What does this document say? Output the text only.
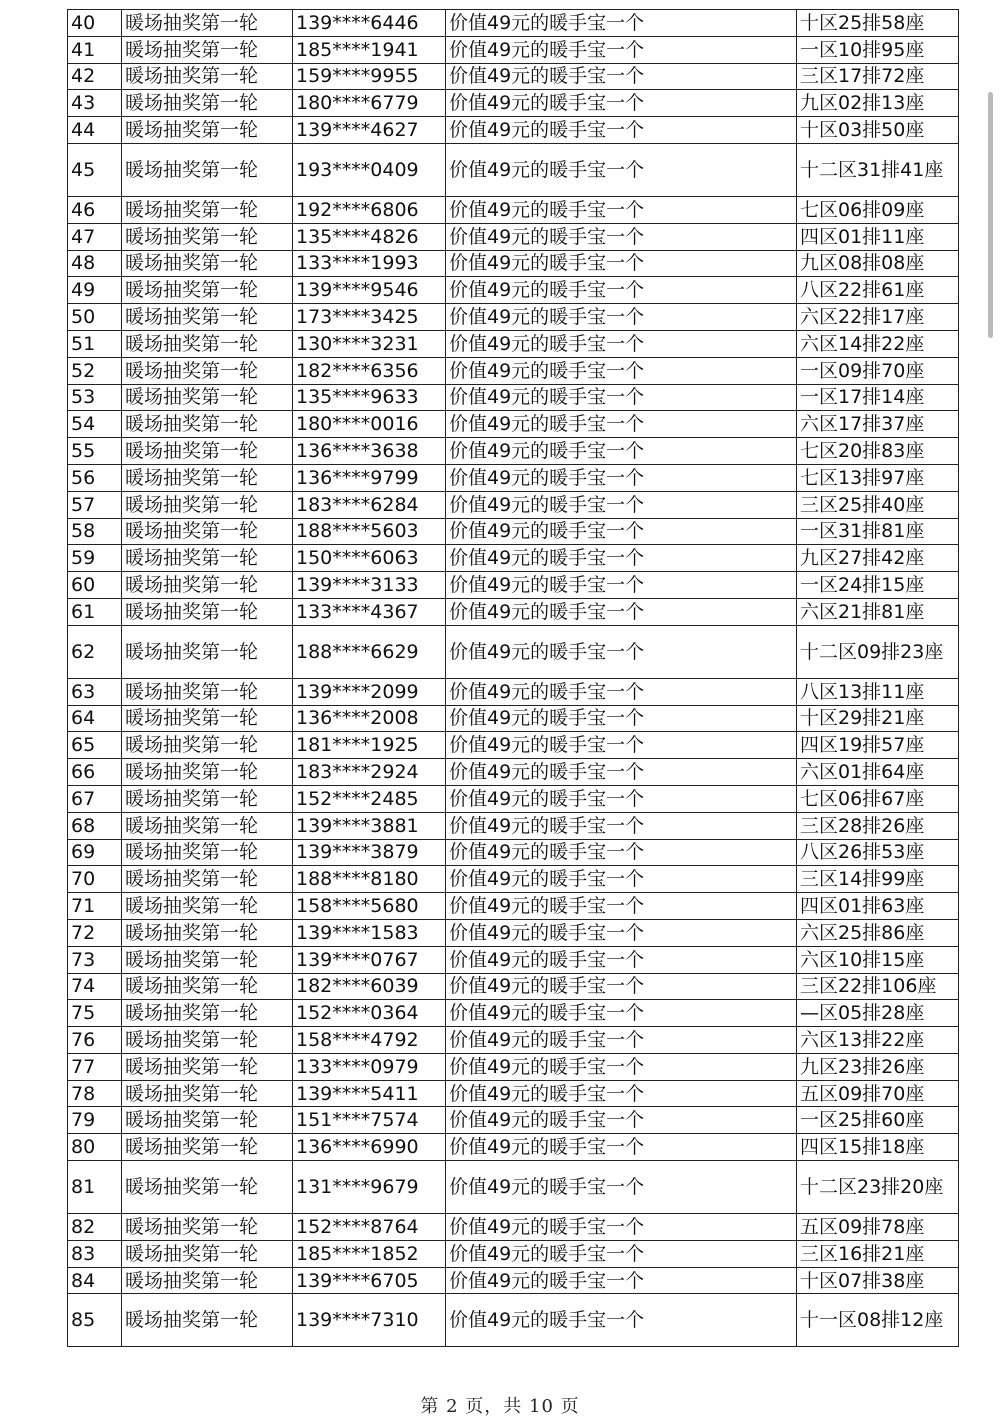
40	暖场抽奖第一轮	139****6446	价值49元的暖手宝一个	十区25排58座
41	暖场抽奖第一轮	185****1941	价值49元的暖手宝一个	一区10排95座
42	暖场抽奖第一轮	159****9955	价值49元的暖手宝一个	三区17排72座
43	暖场抽奖第一轮	180****6779	价值49元的暖手宝一个	九区02排13座
44	暖场抽奖第一轮	139****4627	价值49元的暖手宝一个	十区03排50座
45	暖场抽奖第一轮	193****0409	价值49元的暖手宝一个	十二区31排41座
46	暖场抽奖第一轮	192****6806	价值49元的暖手宝一个	七区06排09座
47	暖场抽奖第一轮	135****4826	价值49元的暖手宝一个	四区01排11座
48	暖场抽奖第一轮	133****1993	价值49元的暖手宝一个	九区08排08座
49	暖场抽奖第一轮	139****9546	价值49元的暖手宝一个	八区22排61座
50	暖场抽奖第一轮	173****3425	价值49元的暖手宝一个	六区22排17座
51	暖场抽奖第一轮	130****3231	价值49元的暖手宝一个	六区14排22座
52	暖场抽奖第一轮	182****6356	价值49元的暖手宝一个	一区09排70座
53	暖场抽奖第一轮	135****9633	价值49元的暖手宝一个	一区17排14座
54	暖场抽奖第一轮	180****0016	价值49元的暖手宝一个	六区17排37座
55	暖场抽奖第一轮	136****3638	价值49元的暖手宝一个	七区20排83座
56	暖场抽奖第一轮	136****9799	价值49元的暖手宝一个	七区13排97座
57	暖场抽奖第一轮	183****6284	价值49元的暖手宝一个	三区25排40座
58	暖场抽奖第一轮	188****5603	价值49元的暖手宝一个	一区31排81座
59	暖场抽奖第一轮	150****6063	价值49元的暖手宝一个	九区27排42座
60	暖场抽奖第一轮	139****3133	价值49元的暖手宝一个	一区24排15座
61	暖场抽奖第一轮	133****4367	价值49元的暖手宝一个	六区21排81座
62	暖场抽奖第一轮	188****6629	价值49元的暖手宝一个	十二区09排23座
63	暖场抽奖第一轮	139****2099	价值49元的暖手宝一个	八区13排11座
64	暖场抽奖第一轮	136****2008	价值49元的暖手宝一个	十区29排21座
65	暖场抽奖第一轮	181****1925	价值49元的暖手宝一个	四区19排57座
66	暖场抽奖第一轮	183****2924	价值49元的暖手宝一个	六区01排64座
67	暖场抽奖第一轮	152****2485	价值49元的暖手宝一个	七区06排67座
68	暖场抽奖第一轮	139****3881	价值49元的暖手宝一个	三区28排26座
69	暖场抽奖第一轮	139****3879	价值49元的暖手宝一个	八区26排53座
70	暖场抽奖第一轮	188****8180	价值49元的暖手宝一个	三区14排99座
71	暖场抽奖第一轮	158****5680	价值49元的暖手宝一个	四区01排63座
72	暖场抽奖第一轮	139****1583	价值49元的暖手宝一个	六区25排86座
73	暖场抽奖第一轮	139****0767	价值49元的暖手宝一个	六区10排15座
74	暖场抽奖第一轮	182****6039	价值49元的暖手宝一个	三区22排106座
75	暖场抽奖第一轮	152****0364	价值49元的暖手宝一个	—区05排28座
76	暖场抽奖第一轮	158****4792	价值49元的暖手宝一个	六区13排22座
77	暖场抽奖第一轮	133****0979	价值49元的暖手宝一个	九区23排26座
78	暖场抽奖第一轮	139****5411	价值49元的暖手宝一个	五区09排70座
79	暖场抽奖第一轮	151****7574	价值49元的暖手宝一个	一区25排60座
80	暖场抽奖第一轮	136****6990	价值49元的暖手宝一个	四区15排18座
81	暖场抽奖第一轮	131****9679	价值49元的暖手宝一个	十二区23排20座
82	暖场抽奖第一轮	152****8764	价值49元的暖手宝一个	五区09排78座
83	暖场抽奖第一轮	185****1852	价值49元的暖手宝一个	三区16排21座
84	暖场抽奖第一轮	139****6705	价值49元的暖手宝一个	十区07排38座
85	暖场抽奖第一轮	139****7310	价值49元的暖手宝一个	十一区08排12座
第 2 页，共 10 页
